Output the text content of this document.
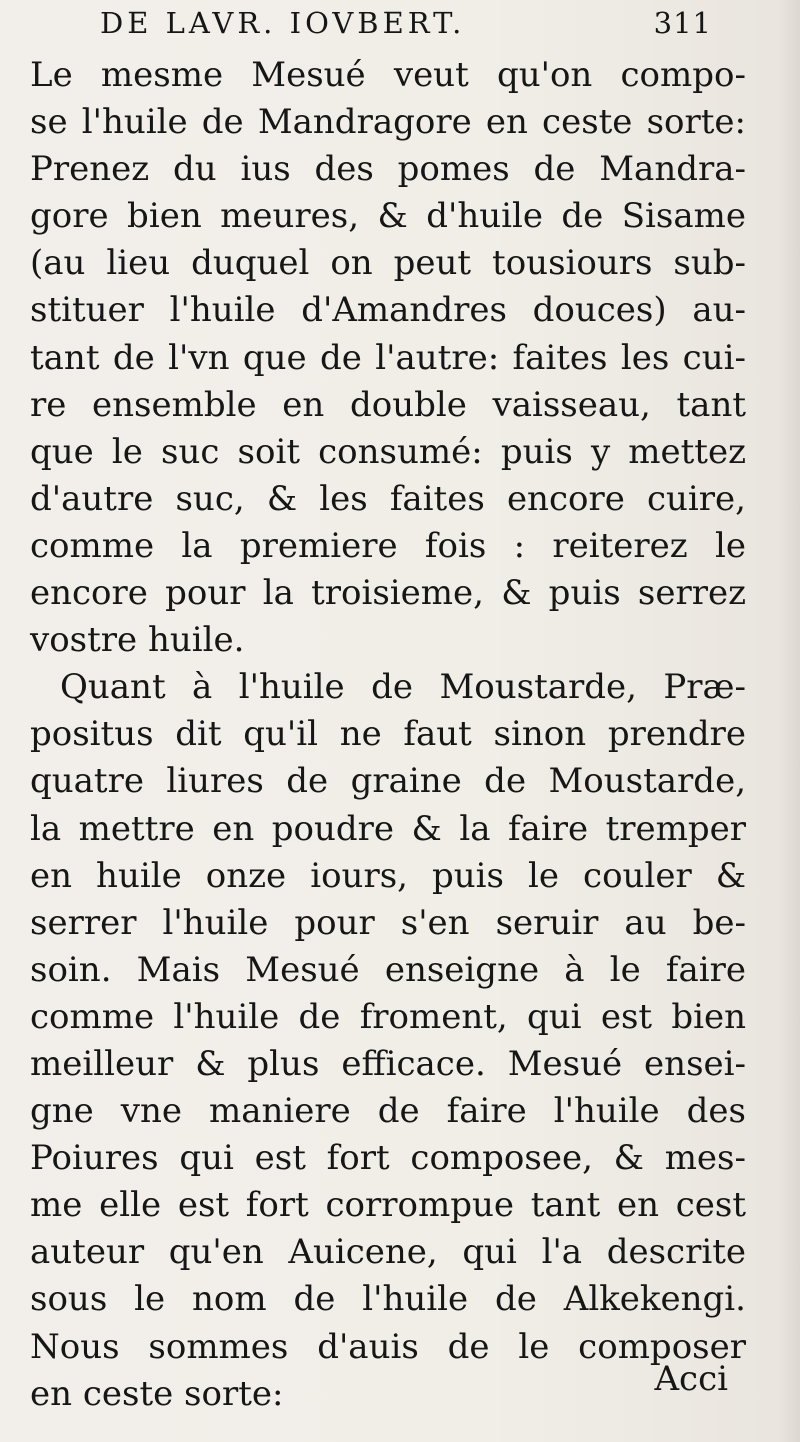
DE LAVR. IOVBERT.	311
Le mesme Mesué veut qu'on compo-
se l'huile de Mandragore en ceste sorte:
Prenez du ius des pomes de Mandra-
gore bien meures, & d'huile de Sisame
(au lieu duquel on peut tousiours sub-
stituer l'huile d'Amandres douces) au-
tant de l'vn que de l'autre: faites les cui-
re ensemble en double vaisseau, tant
que le suc soit consumé: puis y mettez
d'autre suc, & les faites encore cuire,
comme la premiere fois : reiterez le
encore pour la troisieme, & puis serrez
vostre huile.
Quant à l'huile de Moustarde, Præ-
positus dit qu'il ne faut sinon prendre
quatre liures de graine de Moustarde,
la mettre en poudre & la faire tremper
en huile onze iours, puis le couler &
serrer l'huile pour s'en seruir au be-
soin. Mais Mesué enseigne à le faire
comme l'huile de froment, qui est bien
meilleur & plus efficace. Mesué ensei-
gne vne maniere de faire l'huile des
Poiures qui est fort composee, & mes-
me elle est fort corrompue tant en cest
auteur qu'en Auicene, qui l'a descrite
sous le nom de l'huile de Alkekengi.
Nous sommes d'auis de le composer
en ceste sorte:	Acci
